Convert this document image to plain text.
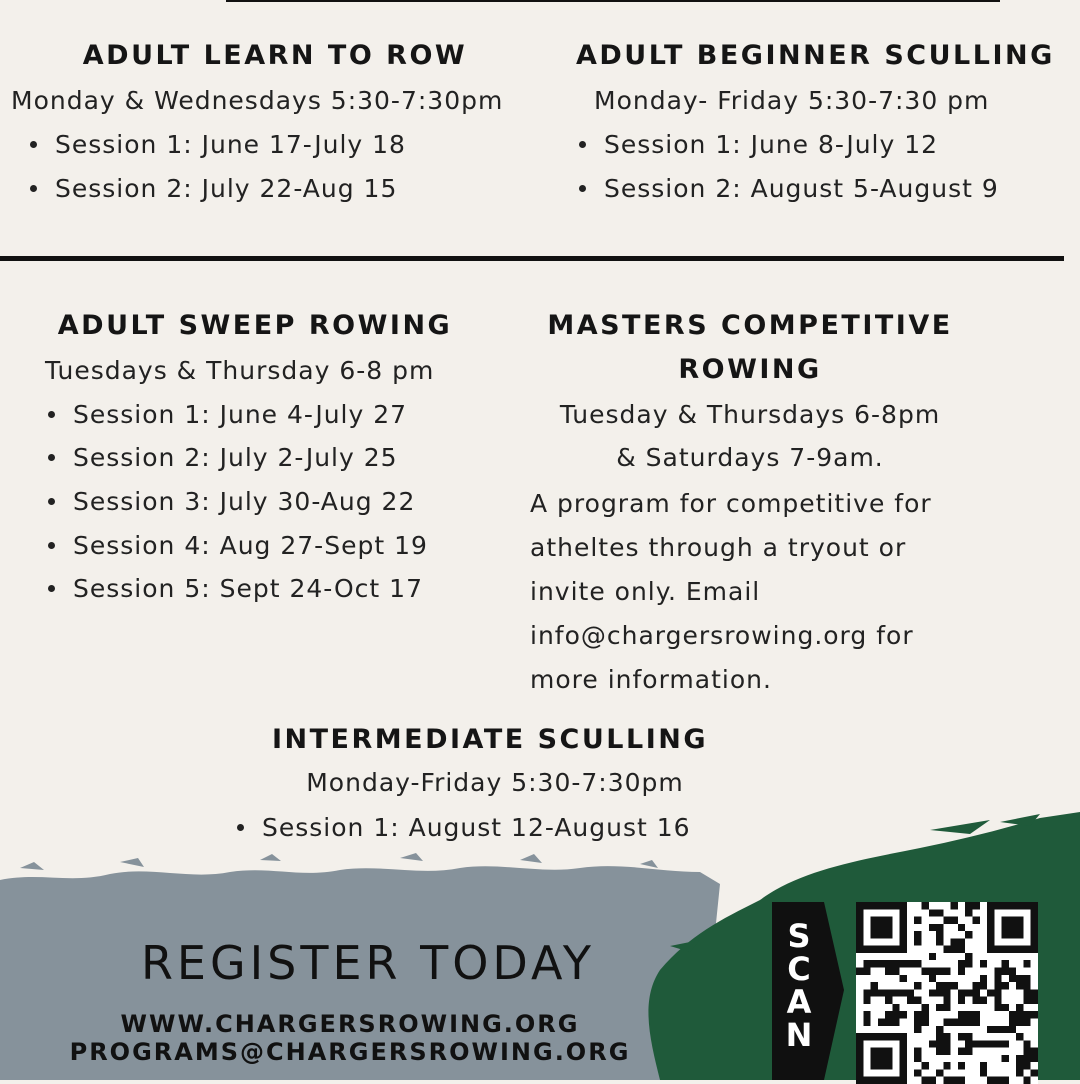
ADULT LEARN TO ROW
Monday & Wednesdays 5:30-7:30pm
Session 1: June 17-July 18
Session 2: July 22-Aug 15
ADULT BEGINNER SCULLING
Monday- Friday 5:30-7:30 pm
Session 1: June 8-July 12
Session 2: August 5-August 9
ADULT SWEEP ROWING
Tuesdays & Thursday 6-8 pm
Session 1: June 4-July 27
Session 2: July 2-July 25
Session 3: July 30-Aug 22
Session 4: Aug 27-Sept 19
Session 5: Sept 24-Oct 17
MASTERS COMPETITIVE
ROWING
Tuesday & Thursdays 6-8pm
& Saturdays 7-9am.
A program for competitive for
atheltes through a tryout or
invite only. Email
info@chargersrowing.org for
more information.
INTERMEDIATE SCULLING
Monday-Friday 5:30-7:30pm
Session 1: August 12-August 16
REGISTER TODAY
WWW.CHARGERSROWING.ORG
PROGRAMS@CHARGERSROWING.ORG
S
C
A
N
